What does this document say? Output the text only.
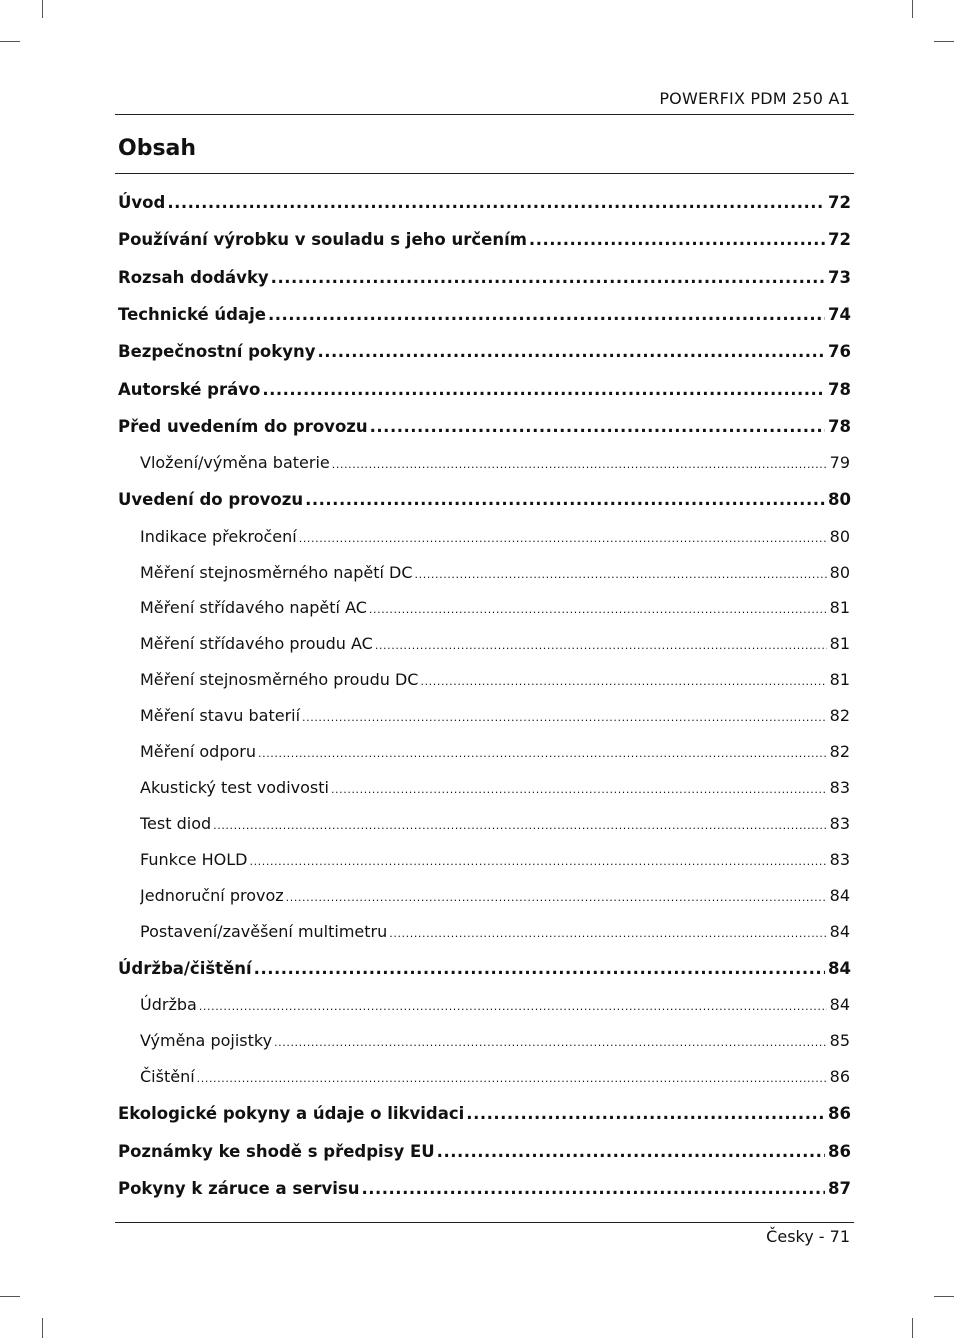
POWERFIX PDM 250 A1
Obsah
Úvod .....	72
Používání výrobku v souladu s jeho určením .....	72
Rozsah dodávky .....	73
Technické údaje .....	74
Bezpečnostní pokyny .....	76
Autorské právo .....	78
Před uvedením do provozu .....	78
Vložení/výměna baterie .....	79
Uvedení do provozu .....	80
Indikace překročení .....	80
Měření stejnosměrného napětí DC .....	80
Měření střídavého napětí AC .....	81
Měření střídavého proudu AC .....	81
Měření stejnosměrného proudu DC .....	81
Měření stavu baterií .....	82
Měření odporu .....	82
Akustický test vodivosti .....	83
Test diod .....	83
Funkce HOLD .....	83
Jednoruční provoz .....	84
Postavení/zavěšení multimetru .....	84
Údržba/čištění .....	84
Údržba .....	84
Výměna pojistky .....	85
Čištění .....	86
Ekologické pokyny a údaje o likvidaci .....	86
Poznámky ke shodě s předpisy EU .....	86
Pokyny k záruce a servisu .....	87
Česky - 71
